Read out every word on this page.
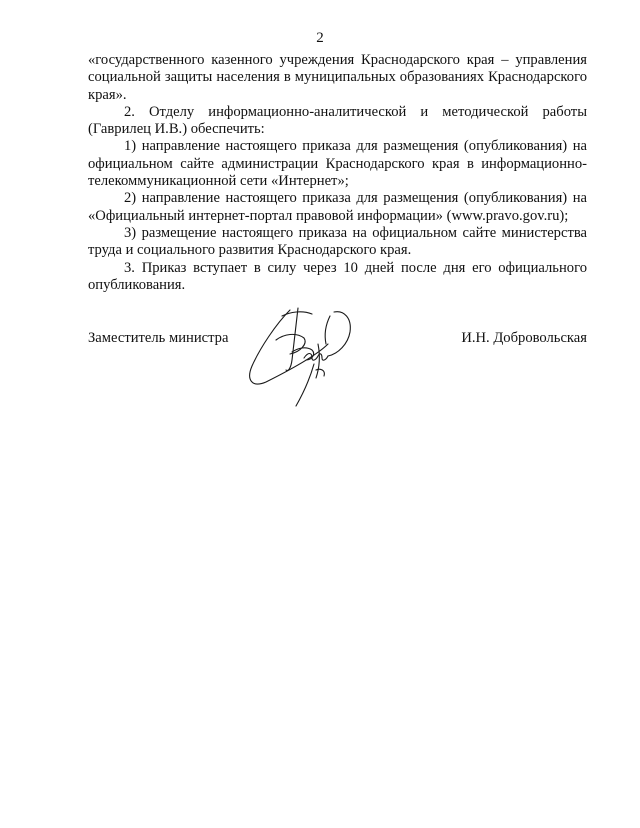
2

«государственного казенного учреждения Краснодарского края – управления социальной защиты населения в муниципальных образованиях Краснодарского края».

2. Отделу информационно-аналитической и методической работы (Гаврилец И.В.) обеспечить:

1) направление настоящего приказа для размещения (опубликования) на официальном сайте администрации Краснодарского края в информационно-телекоммуникационной сети «Интернет»;

2) направление настоящего приказа для размещения (опубликования) на «Официальный интернет-портал правовой информации» (www.pravo.gov.ru);

3) размещение настоящего приказа на официальном сайте министерства труда и социального развития Краснодарского края.

3. Приказ вступает в силу через 10 дней после дня его официального опубликования.

Заместитель министра	И.Н. Добровольская
